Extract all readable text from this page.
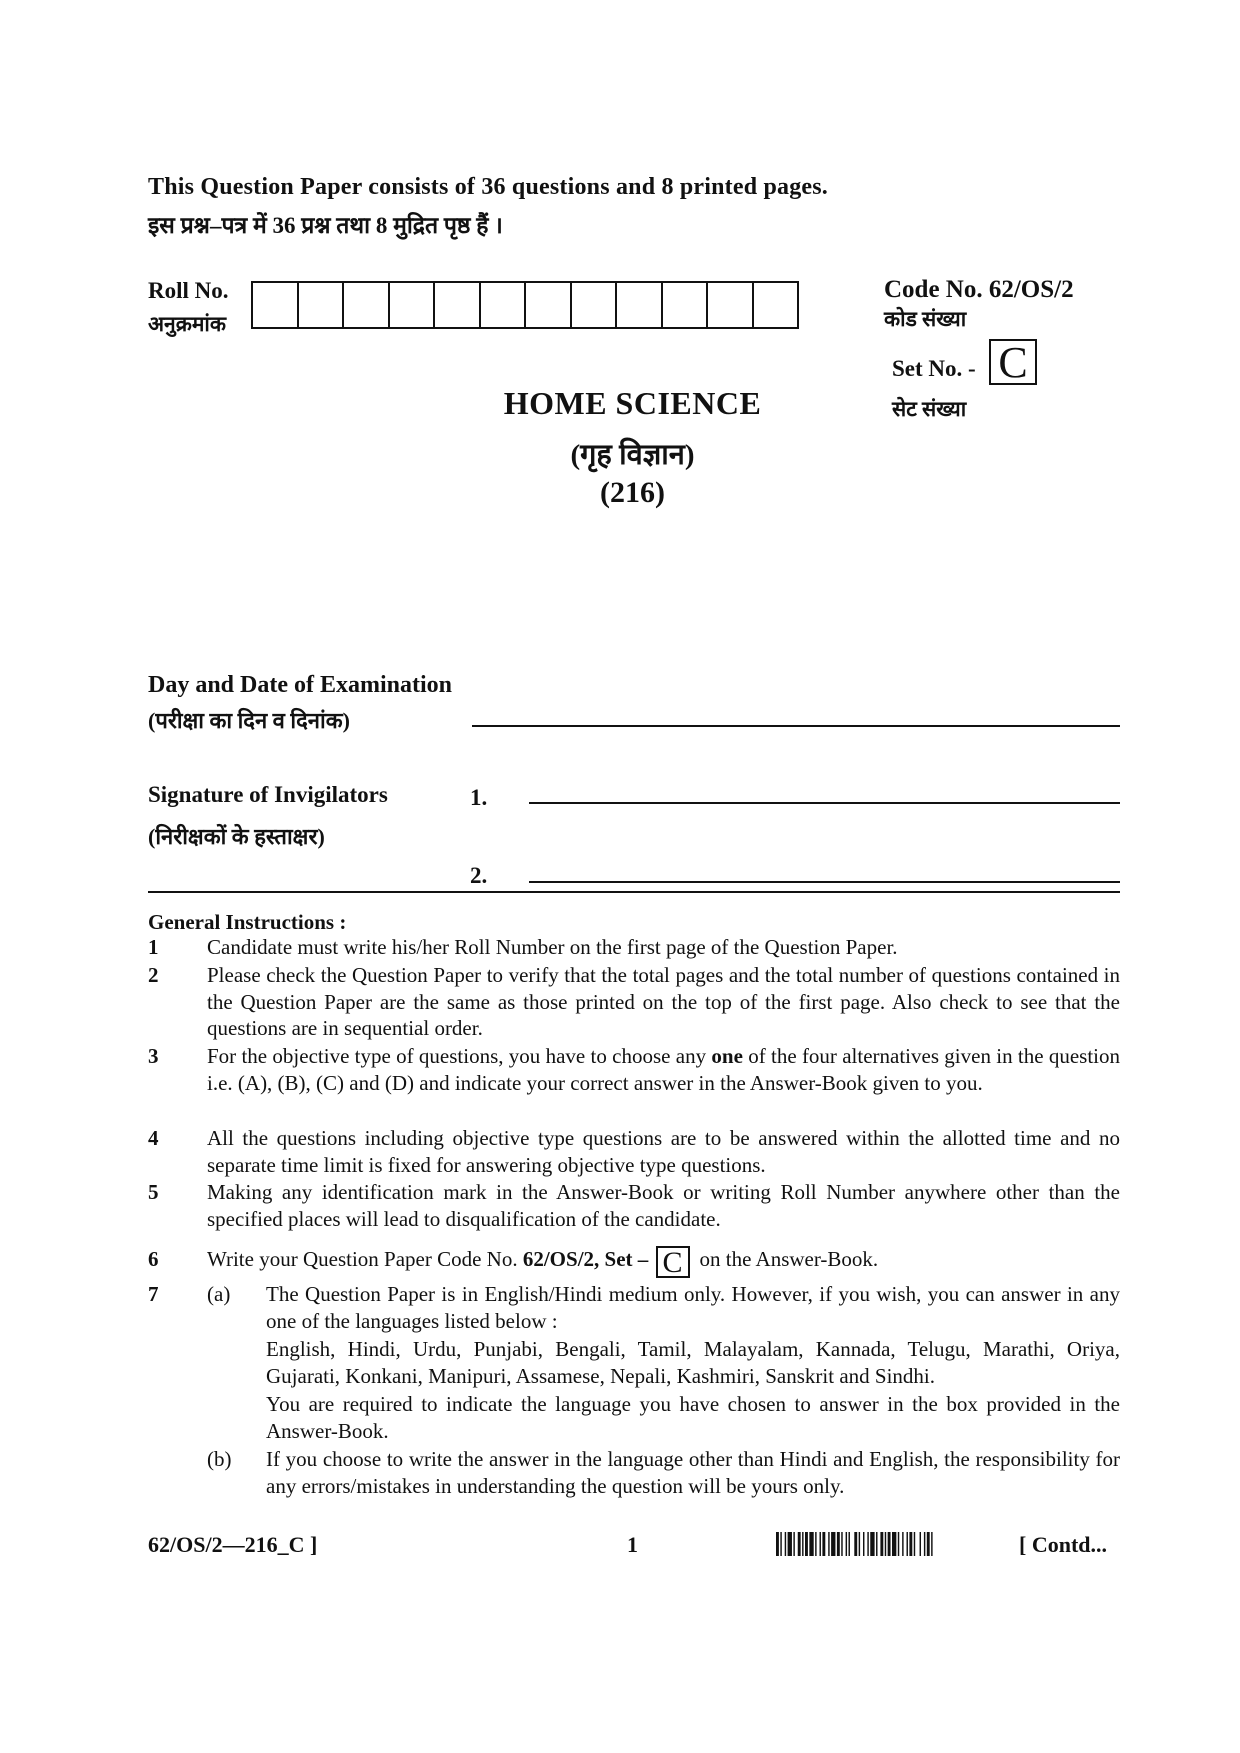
This Question Paper consists of 36 questions and 8 printed pages.
इस प्रश्न–पत्र में 36 प्रश्न तथा 8 मुद्रित पृष्ठ हैं ।
Roll No.
अनुक्रमांक
Code No. 62/OS/2
कोड संख्या
Set No. - C
सेट संख्या
HOME SCIENCE
(गृह विज्ञान)
(216)
Day and Date of Examination
(परीक्षा का दिन व दिनांक)
Signature of Invigilators
(निरीक्षकों के हस्ताक्षर)
1.
2.
General Instructions :
1 Candidate must write his/her Roll Number on the first page of the Question Paper.
2 Please check the Question Paper to verify that the total pages and the total number of questions contained in the Question Paper are the same as those printed on the top of the first page. Also check to see that the questions are in sequential order.
3 For the objective type of questions, you have to choose any one of the four alternatives given in the question i.e. (A), (B), (C) and (D) and indicate your correct answer in the Answer-Book given to you.
4 All the questions including objective type questions are to be answered within the allotted time and no separate time limit is fixed for answering objective type questions.
5 Making any identification mark in the Answer-Book or writing Roll Number anywhere other than the specified places will lead to disqualification of the candidate.
6 Write your Question Paper Code No. 62/OS/2, Set – C on the Answer-Book.
7 (a) The Question Paper is in English/Hindi medium only. However, if you wish, you can answer in any one of the languages listed below :
English, Hindi, Urdu, Punjabi, Bengali, Tamil, Malayalam, Kannada, Telugu, Marathi, Oriya, Gujarati, Konkani, Manipuri, Assamese, Nepali, Kashmiri, Sanskrit and Sindhi.
You are required to indicate the language you have chosen to answer in the box provided in the Answer-Book.
(b) If you choose to write the answer in the language other than Hindi and English, the responsibility for any errors/mistakes in understanding the question will be yours only.
62/OS/2—216_C ]	1	[ Contd...
